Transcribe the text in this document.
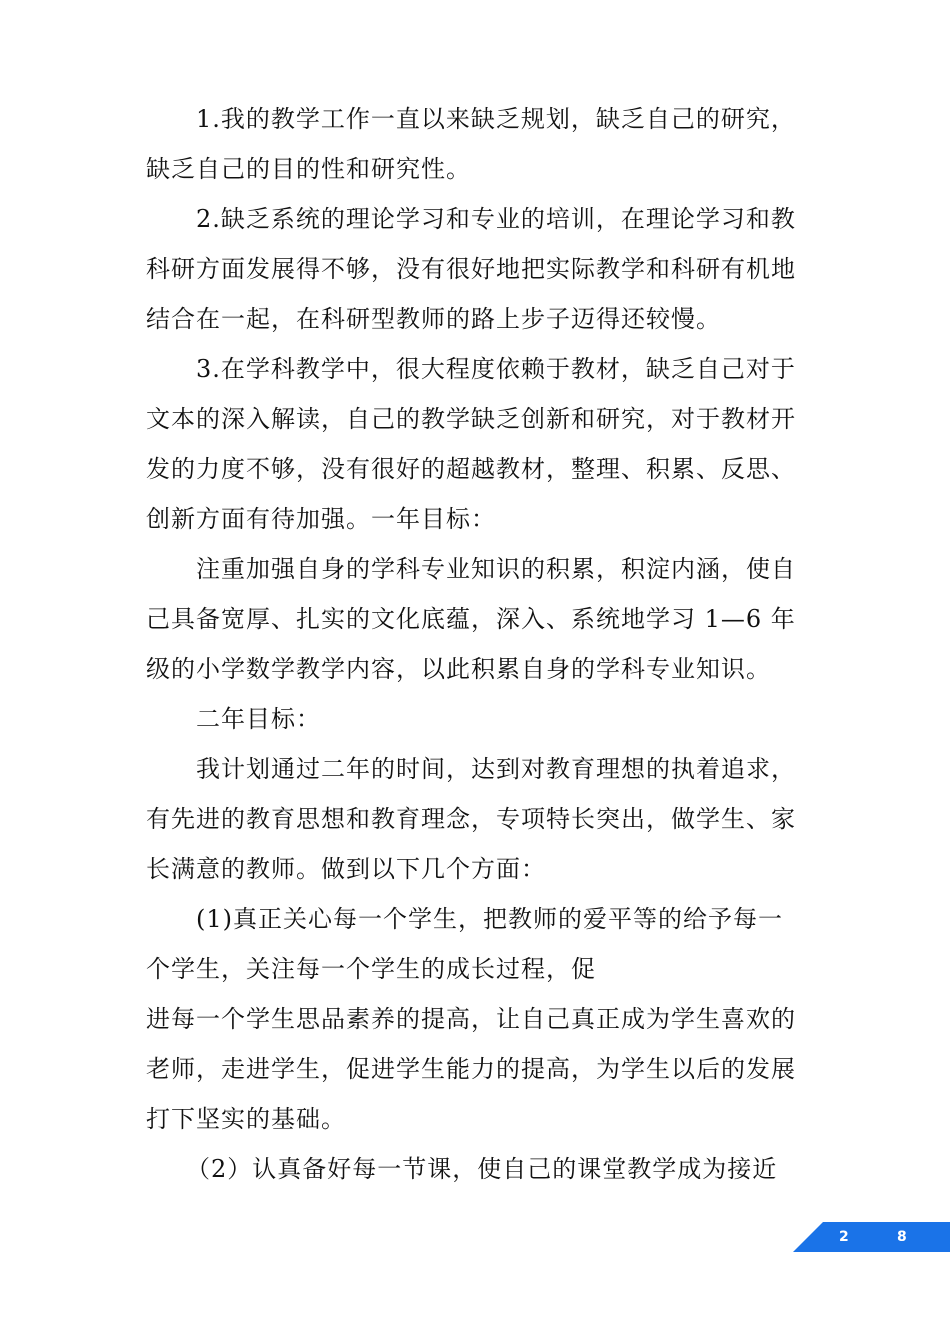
1.我的教学工作一直以来缺乏规划，缺乏自己的研究，
缺乏自己的目的性和研究性。
2.缺乏系统的理论学习和专业的培训，在理论学习和教
科研方面发展得不够，没有很好地把实际教学和科研有机地
结合在一起，在科研型教师的路上步子迈得还较慢。
3.在学科教学中，很大程度依赖于教材，缺乏自己对于
文本的深入解读，自己的教学缺乏创新和研究，对于教材开
发的力度不够，没有很好的超越教材，整理、积累、反思、
创新方面有待加强。一年目标：
注重加强自身的学科专业知识的积累，积淀内涵，使自
己具备宽厚、扎实的文化底蕴，深入、系统地学习 1—6 年
级的小学数学教学内容，以此积累自身的学科专业知识。
二年目标：
我计划通过二年的时间，达到对教育理想的执着追求，
有先进的教育思想和教育理念，专项特长突出，做学生、家
长满意的教师。做到以下几个方面：
(1)真正关心每一个学生，把教师的爱平等的给予每一
个学生，关注每一个学生的成长过程，促
进每一个学生思品素养的提高，让自己真正成为学生喜欢的
老师，走进学生，促进学生能力的提高，为学生以后的发展
打下坚实的基础。
（2）认真备好每一节课，使自己的课堂教学成为接近
2	8
